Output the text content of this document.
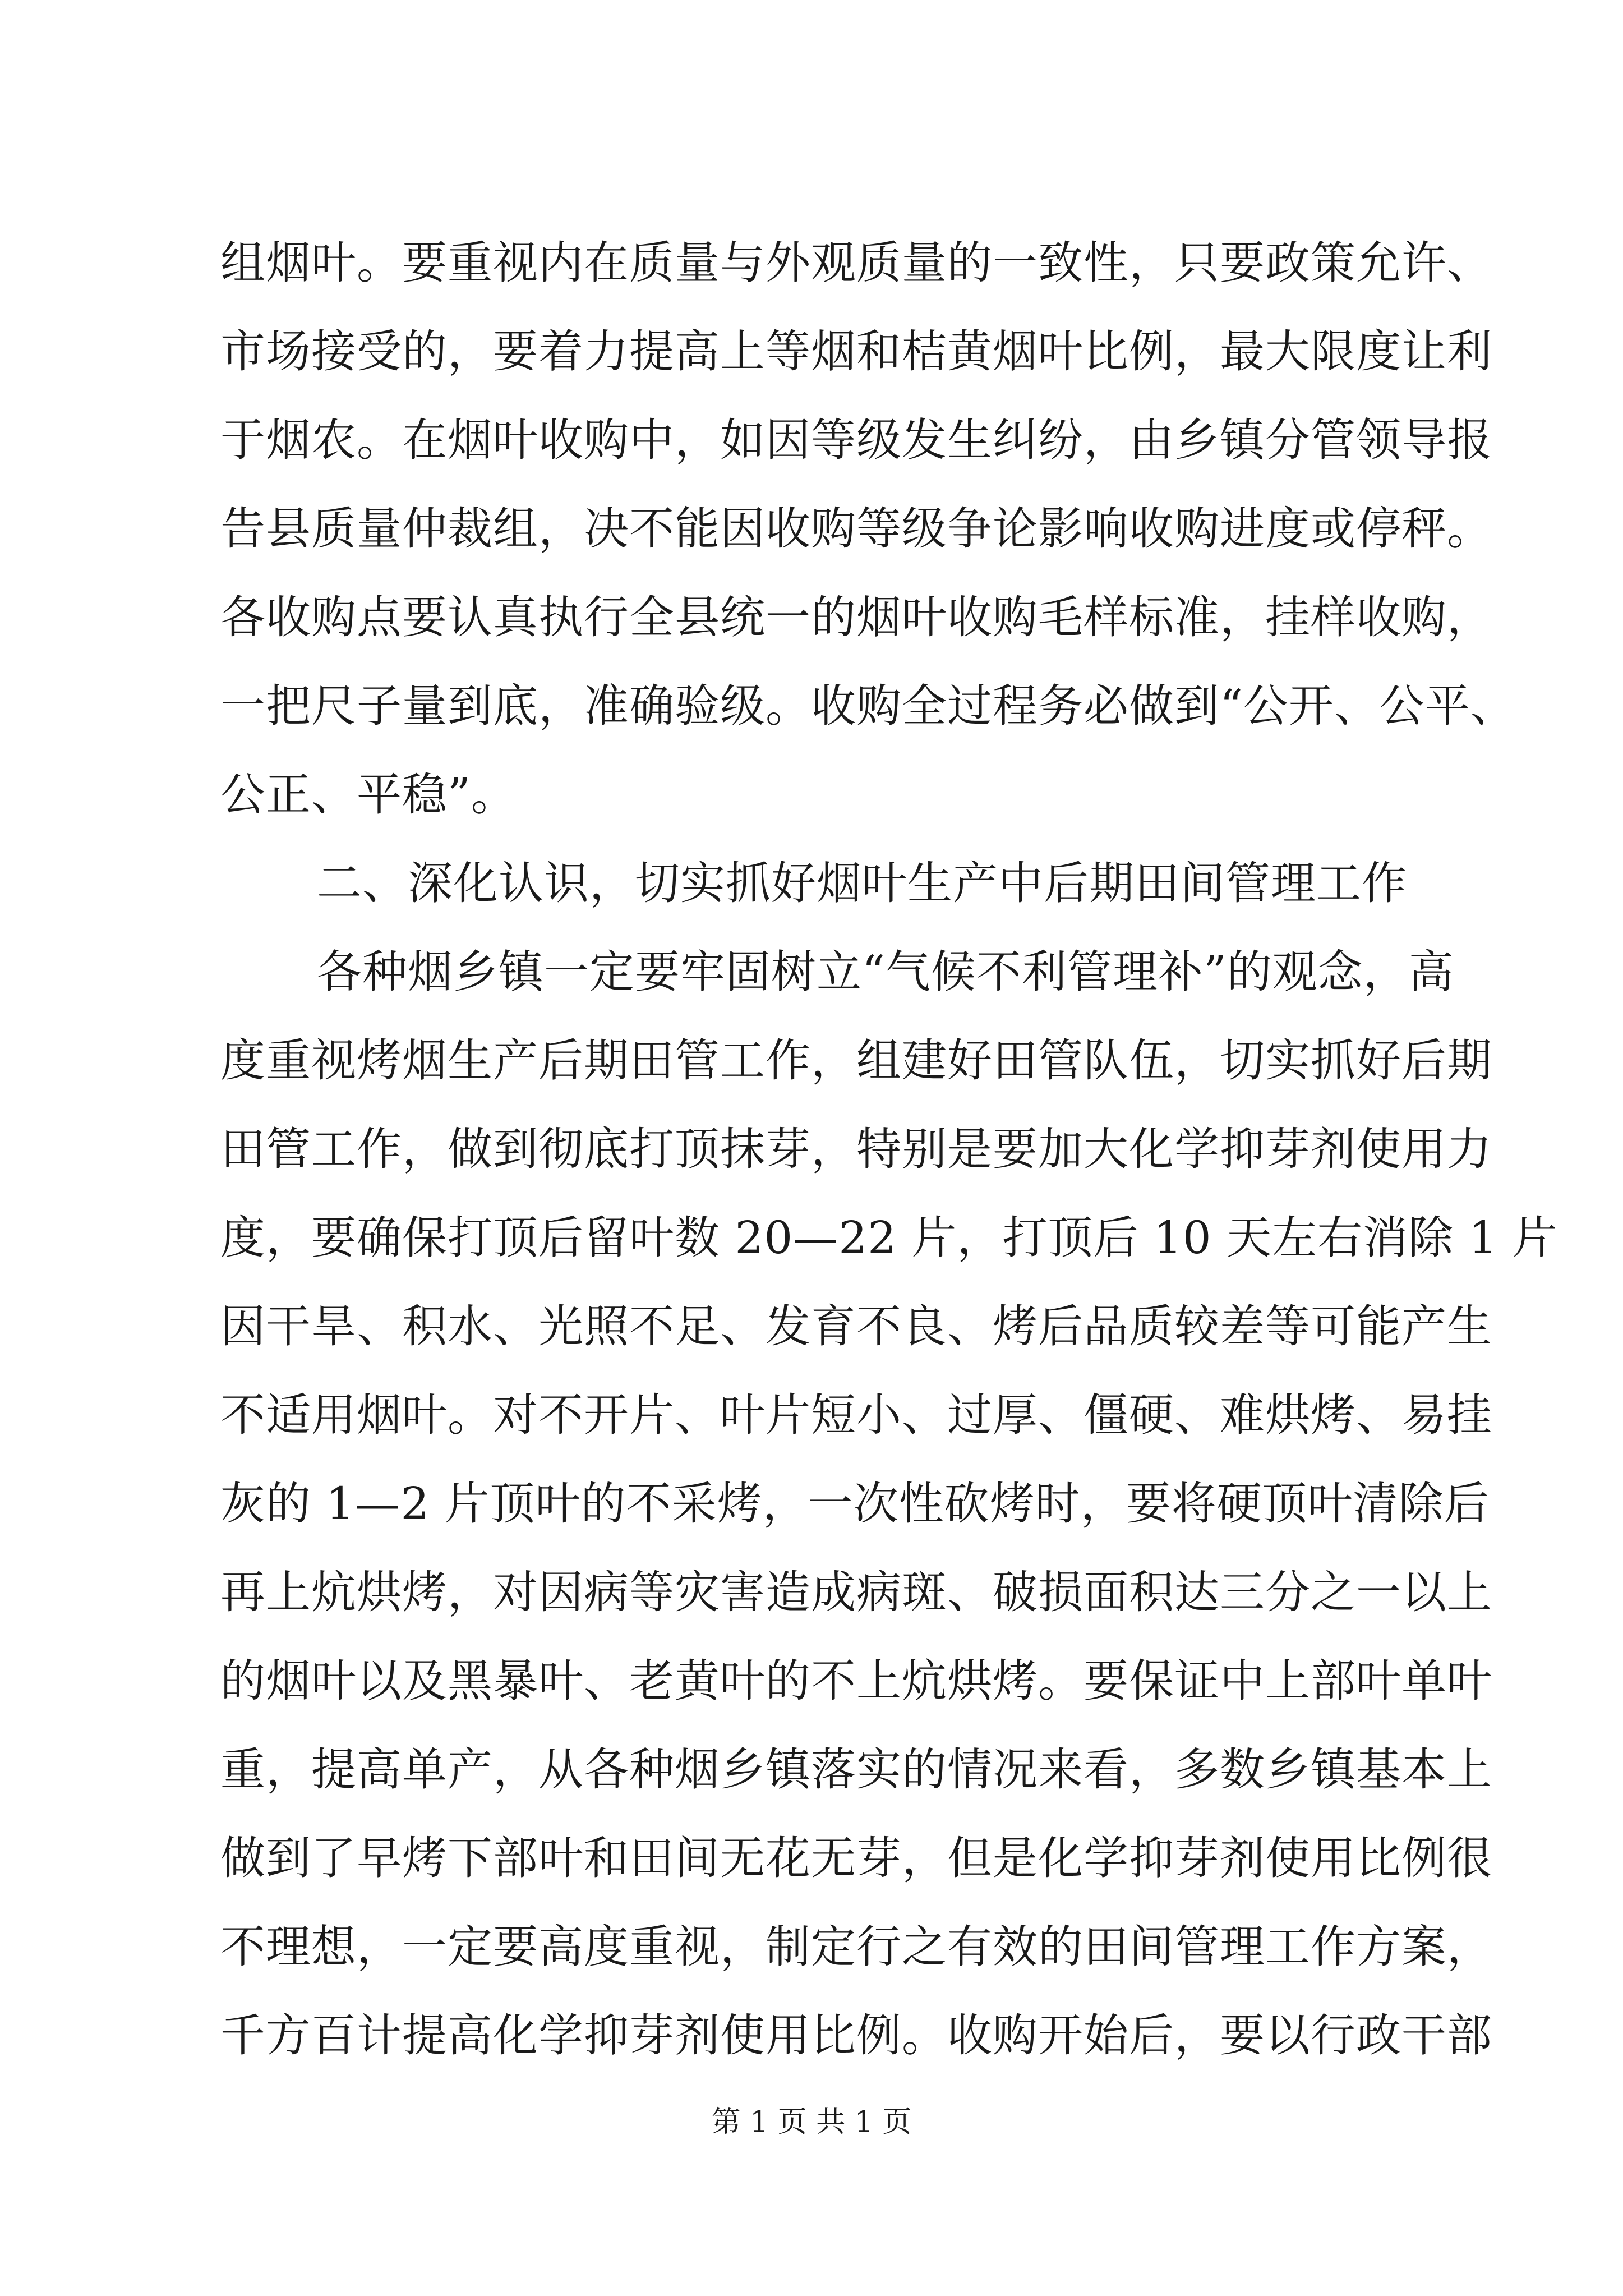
组烟叶。要重视内在质量与外观质量的一致性，只要政策允许、
市场接受的，要着力提高上等烟和桔黄烟叶比例，最大限度让利
于烟农。在烟叶收购中，如因等级发生纠纷，由乡镇分管领导报
告县质量仲裁组，决不能因收购等级争论影响收购进度或停秤。
各收购点要认真执行全县统一的烟叶收购毛样标准，挂样收购，
一把尺子量到底，准确验级。收购全过程务必做到“公开、公平、
公正、平稳”。
二、深化认识，切实抓好烟叶生产中后期田间管理工作
各种烟乡镇一定要牢固树立“气候不利管理补”的观念，高
度重视烤烟生产后期田管工作，组建好田管队伍，切实抓好后期
田管工作，做到彻底打顶抹芽，特别是要加大化学抑芽剂使用力
度，要确保打顶后留叶数 20—22 片，打顶后 10 天左右消除 1 片
因干旱、积水、光照不足、发育不良、烤后品质较差等可能产生
不适用烟叶。对不开片、叶片短小、过厚、僵硬、难烘烤、易挂
灰的 1—2 片顶叶的不采烤，一次性砍烤时，要将硬顶叶清除后
再上炕烘烤，对因病等灾害造成病斑、破损面积达三分之一以上
的烟叶以及黑暴叶、老黄叶的不上炕烘烤。要保证中上部叶单叶
重，提高单产，从各种烟乡镇落实的情况来看，多数乡镇基本上
做到了早烤下部叶和田间无花无芽，但是化学抑芽剂使用比例很
不理想，一定要高度重视，制定行之有效的田间管理工作方案，
千方百计提高化学抑芽剂使用比例。收购开始后，要以行政干部
第 1 页 共 1 页
